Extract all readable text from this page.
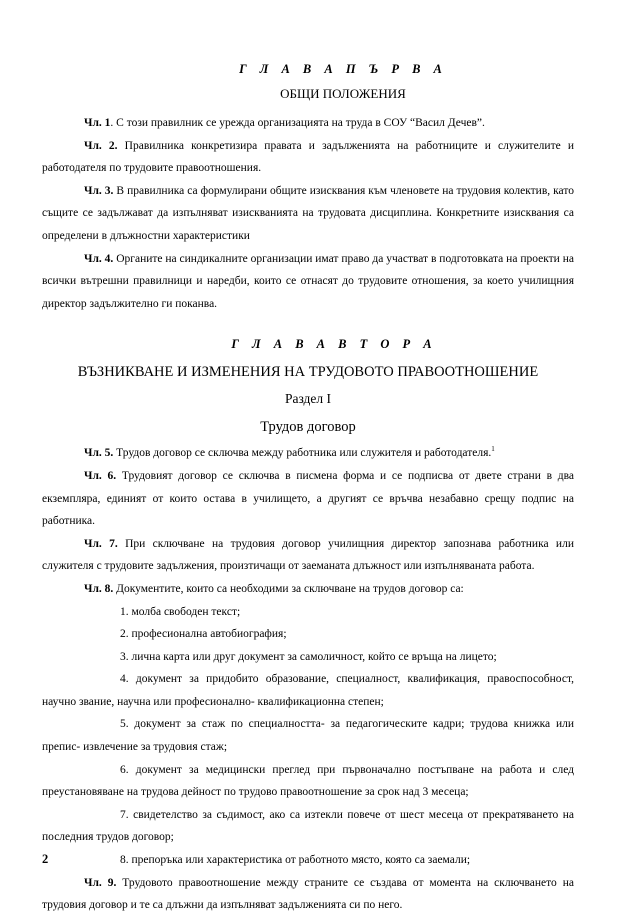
Г Л А В А П Ъ Р В А
ОБЩИ ПОЛОЖЕНИЯ

Чл. 1. С този правилник се урежда организацията на труда в СОУ “Васил Дечев”.

Чл. 2. Правилника конкретизира правата и задълженията на работниците и служителите и работодателя по трудовите правоотношения.

Чл. 3. В правилника са формулирани общите изисквания към членовете на трудовия колектив, като същите се задължават да изпълняват изискванията на трудовата дисциплина. Конкретните изисквания са определени в длъжностни характеристики

Чл. 4. Органите на синдикалните организации имат право да участват в подготовката на проекти на всички вътрешни правилници и наредби, които се отнасят до трудовите отношения, за което училищния директор задължително ги поканва.

Г Л А В А В Т О Р А
ВЪЗНИКВАНЕ И ИЗМЕНЕНИЯ НА ТРУДОВОТО ПРАВООТНОШЕНИЕ
Раздел I
Трудов договор

Чл. 5. Трудов договор се сключва между работника или служителя и работодателя.$^1$

Чл. 6. Трудовият договор се сключва в писмена форма и се подписва от двете страни в два екземпляра, единият от които остава в училището, а другият се връчва незабавно срещу подпис на работника.

Чл. 7. При сключване на трудовия договор училищния директор запознава работника или служителя с трудовите задължения, произтичащи от заеманата длъжност или изпълняваната работа.

Чл. 8. Документите, които са необходими за сключване на трудов договор са:

1. молба свободен текст;

2. професионална автобиография;

3. лична карта или друг документ за самоличност, който се връща на лицето;

4. документ за придобито образование, специалност, квалификация, правоспособност, научно звание, научна или професионално- квалификационна степен;

5. документ за стаж по специалността- за педагогическите кадри; трудова книжка или препис- извлечение за трудовия стаж;

6. документ за медицински преглед при първоначално постъпване на работа и след преустановяване на трудова дейност по трудово правоотношение за срок над 3 месеца;

7. свидетелство за съдимост, ако са изтекли повече от шест месеца от прекратяването на последния трудов договор;

8. препоръка или характеристика от работното място, която са заемали;

Чл. 9. Трудовото правоотношение между страните се създава от момента на сключването на трудовия договор и те са длъжни да изпълняват задълженията си по него.

2
